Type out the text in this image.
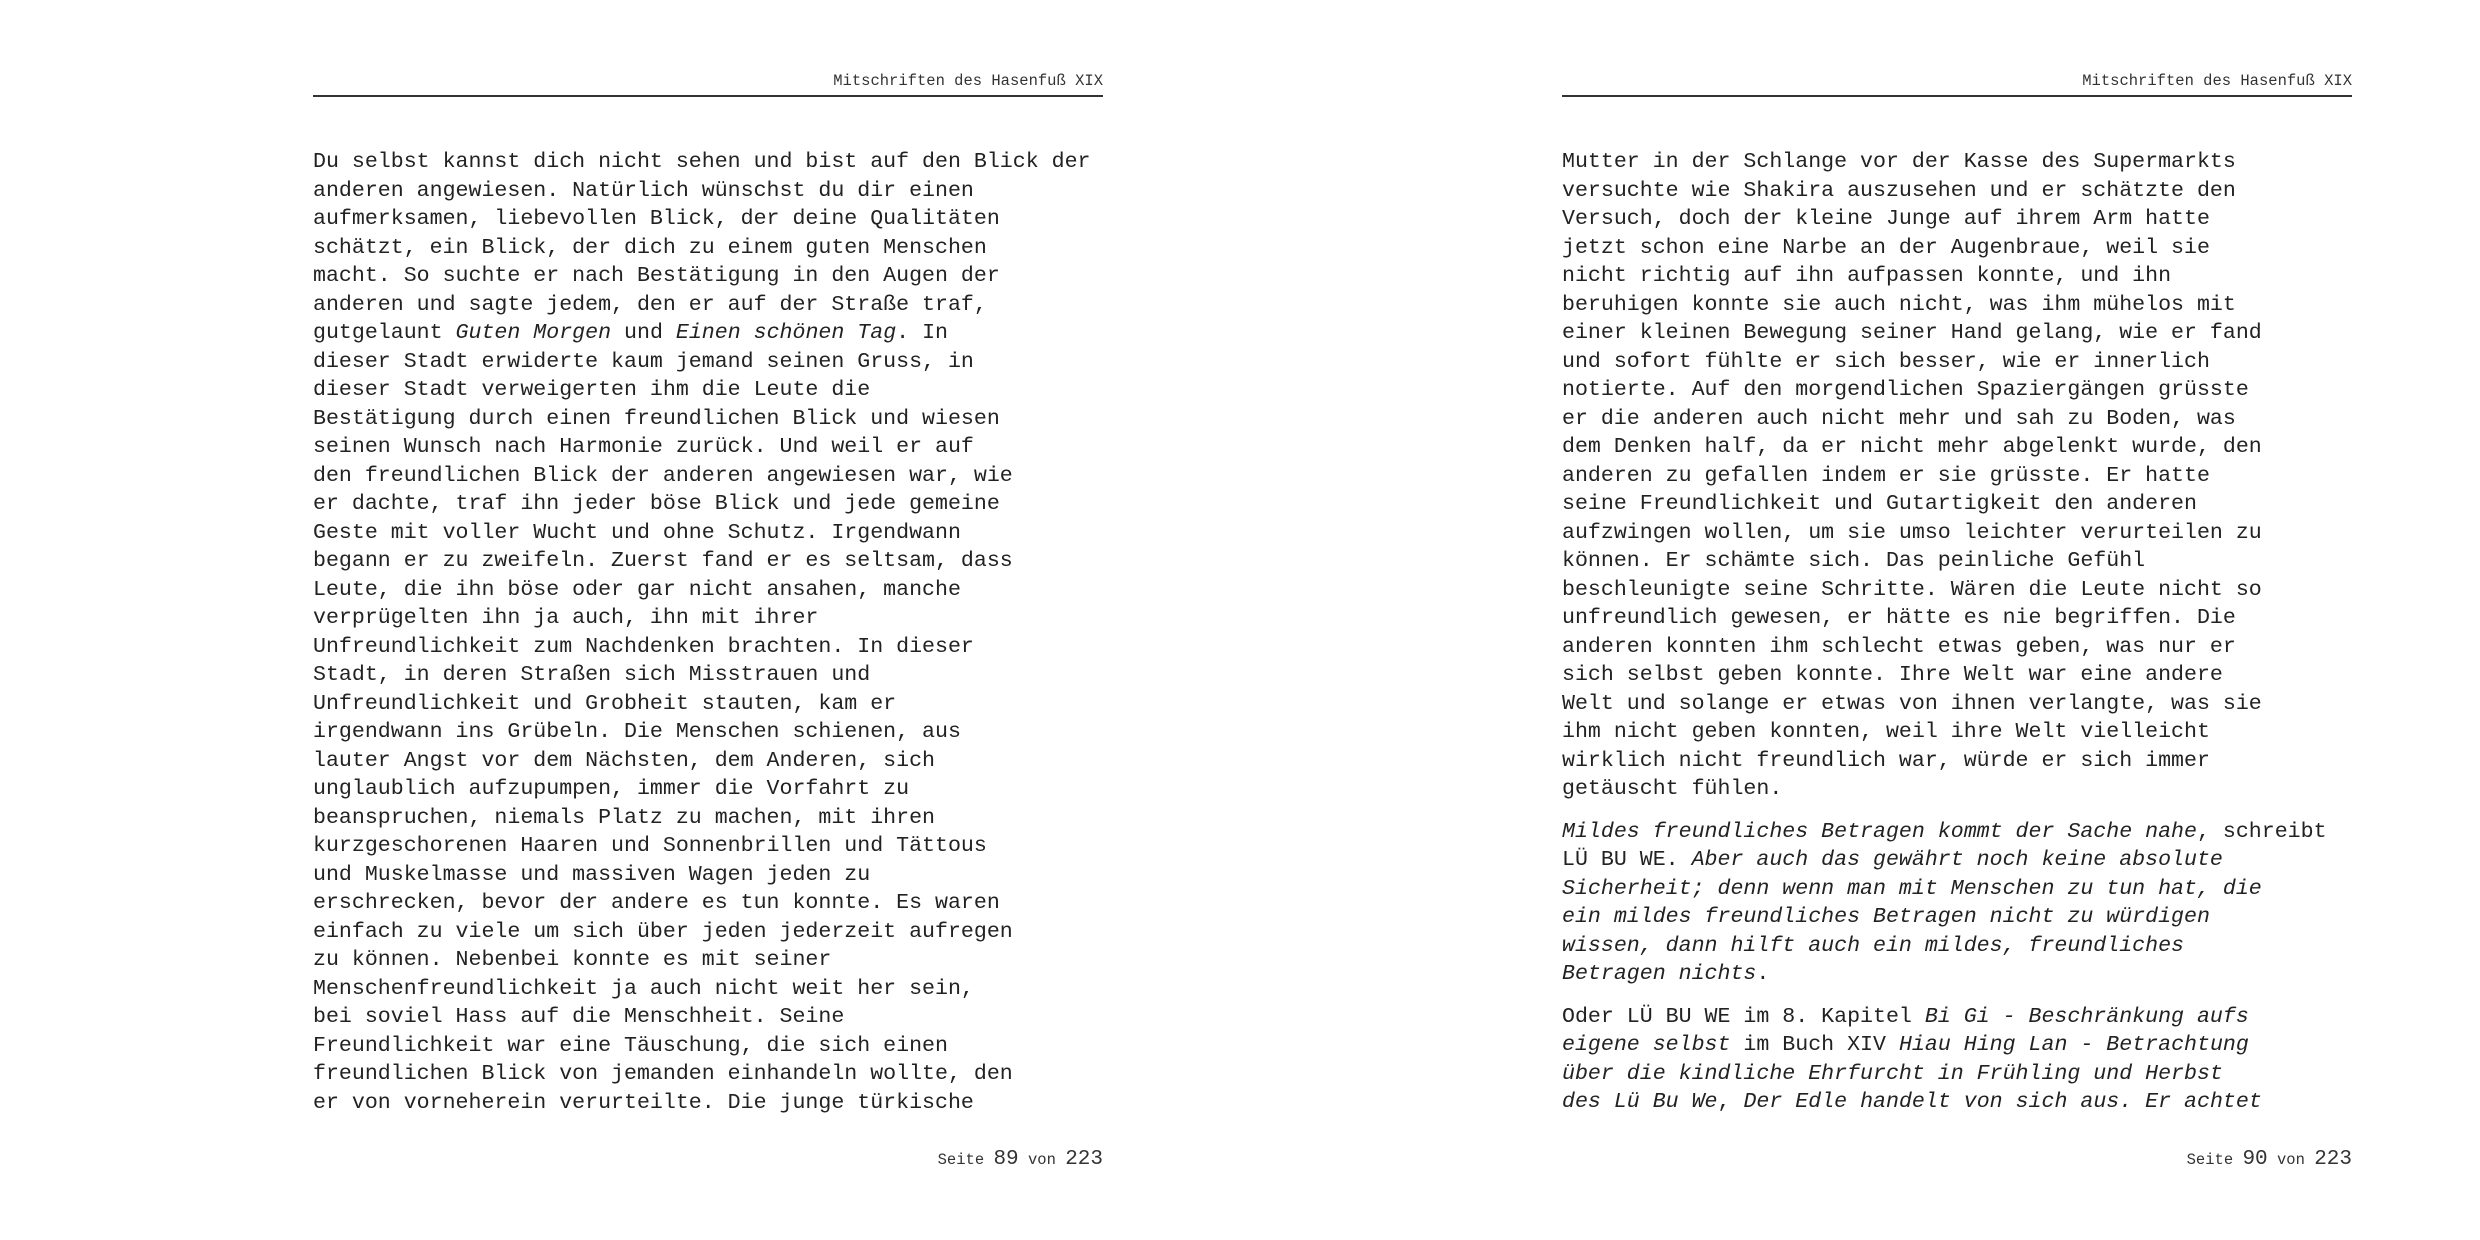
Mitschriften des Hasenfuß XIX

Du selbst kannst dich nicht sehen und bist auf den Blick der
anderen angewiesen. Natürlich wünschst du dir einen
aufmerksamen, liebevollen Blick, der deine Qualitäten
schätzt, ein Blick, der dich zu einem guten Menschen
macht. So suchte er nach Bestätigung in den Augen der
anderen und sagte jedem, den er auf der Straße traf,
gutgelaunt Guten Morgen und Einen schönen Tag. In
dieser Stadt erwiderte kaum jemand seinen Gruss, in
dieser Stadt verweigerten ihm die Leute die
Bestätigung durch einen freundlichen Blick und wiesen
seinen Wunsch nach Harmonie zurück. Und weil er auf
den freundlichen Blick der anderen angewiesen war, wie
er dachte, traf ihn jeder böse Blick und jede gemeine
Geste mit voller Wucht und ohne Schutz. Irgendwann
begann er zu zweifeln. Zuerst fand er es seltsam, dass
Leute, die ihn böse oder gar nicht ansahen, manche
verprügelten ihn ja auch, ihn mit ihrer
Unfreundlichkeit zum Nachdenken brachten. In dieser
Stadt, in deren Straßen sich Misstrauen und
Unfreundlichkeit und Grobheit stauten, kam er
irgendwann ins Grübeln. Die Menschen schienen, aus
lauter Angst vor dem Nächsten, dem Anderen, sich
unglaublich aufzupumpen, immer die Vorfahrt zu
beanspruchen, niemals Platz zu machen, mit ihren
kurzgeschorenen Haaren und Sonnenbrillen und Tättous
und Muskelmasse und massiven Wagen jeden zu
erschrecken, bevor der andere es tun konnte. Es waren
einfach zu viele um sich über jeden jederzeit aufregen
zu können. Nebenbei konnte es mit seiner
Menschenfreundlichkeit ja auch nicht weit her sein,
bei soviel Hass auf die Menschheit. Seine
Freundlichkeit war eine Täuschung, die sich einen
freundlichen Blick von jemanden einhandeln wollte, den
er von vorneherein verurteilte. Die junge türkische

Seite 89 von 223
Mitschriften des Hasenfuß XIX

Mutter in der Schlange vor der Kasse des Supermarkts
versuchte wie Shakira auszusehen und er schätzte den
Versuch, doch der kleine Junge auf ihrem Arm hatte
jetzt schon eine Narbe an der Augenbraue, weil sie
nicht richtig auf ihn aufpassen konnte, und ihn
beruhigen konnte sie auch nicht, was ihm mühelos mit
einer kleinen Bewegung seiner Hand gelang, wie er fand
und sofort fühlte er sich besser, wie er innerlich
notierte. Auf den morgendlichen Spaziergängen grüsste
er die anderen auch nicht mehr und sah zu Boden, was
dem Denken half, da er nicht mehr abgelenkt wurde, den
anderen zu gefallen indem er sie grüsste. Er hatte
seine Freundlichkeit und Gutartigkeit den anderen
aufzwingen wollen, um sie umso leichter verurteilen zu
können. Er schämte sich. Das peinliche Gefühl
beschleunigte seine Schritte. Wären die Leute nicht so
unfreundlich gewesen, er hätte es nie begriffen. Die
anderen konnten ihm schlecht etwas geben, was nur er
sich selbst geben konnte. Ihre Welt war eine andere
Welt und solange er etwas von ihnen verlangte, was sie
ihm nicht geben konnten, weil ihre Welt vielleicht
wirklich nicht freundlich war, würde er sich immer
getäuscht fühlen.

Mildes freundliches Betragen kommt der Sache nahe, schreibt
LÜ BU WE. Aber auch das gewährt noch keine absolute
Sicherheit; denn wenn man mit Menschen zu tun hat, die
ein mildes freundliches Betragen nicht zu würdigen
wissen, dann hilft auch ein mildes, freundliches
Betragen nichts.

Oder LÜ BU WE im 8. Kapitel Bi Gi - Beschränkung aufs
eigene selbst im Buch XIV Hiau Hing Lan - Betrachtung
über die kindliche Ehrfurcht in Frühling und Herbst
des Lü Bu We, Der Edle handelt von sich aus. Er achtet

Seite 90 von 223
